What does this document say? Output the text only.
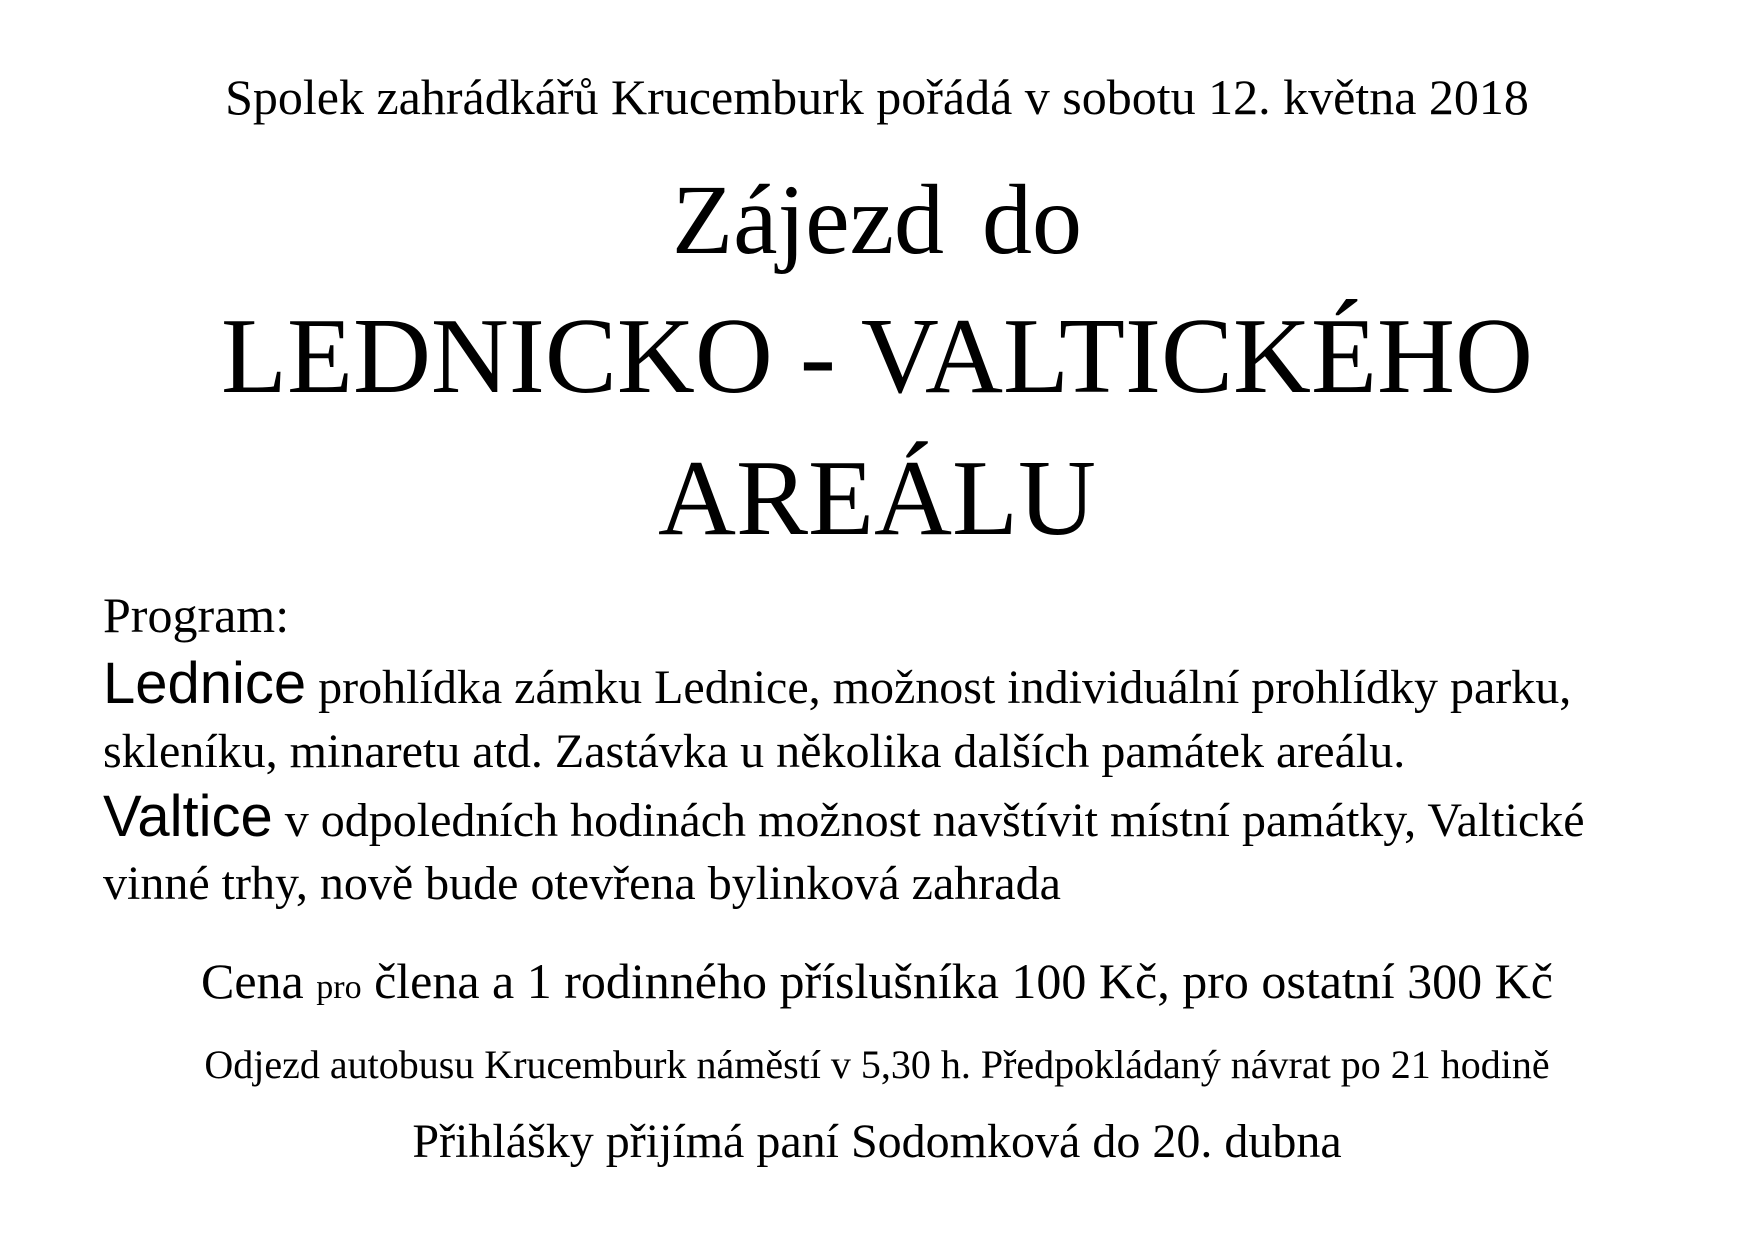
Spolek zahrádkářů Krucemburk pořádá v sobotu 12. května 2018
Zájezd do
LEDNICKO - VALTICKÉHO
AREÁLU
Program:
Lednice prohlídka zámku Lednice, možnost individuální prohlídky parku,
skleníku, minaretu atd. Zastávka u několika dalších památek areálu.
Valtice v odpoledních hodinách možnost navštívit místní památky, Valtické
vinné trhy, nově bude otevřena bylinková zahrada
Cena pro člena a 1 rodinného příslušníka 100 Kč, pro ostatní 300 Kč
Odjezd autobusu Krucemburk náměstí v 5,30 h. Předpokládaný návrat po 21 hodině
Přihlášky přijímá paní Sodomková do 20. dubna
